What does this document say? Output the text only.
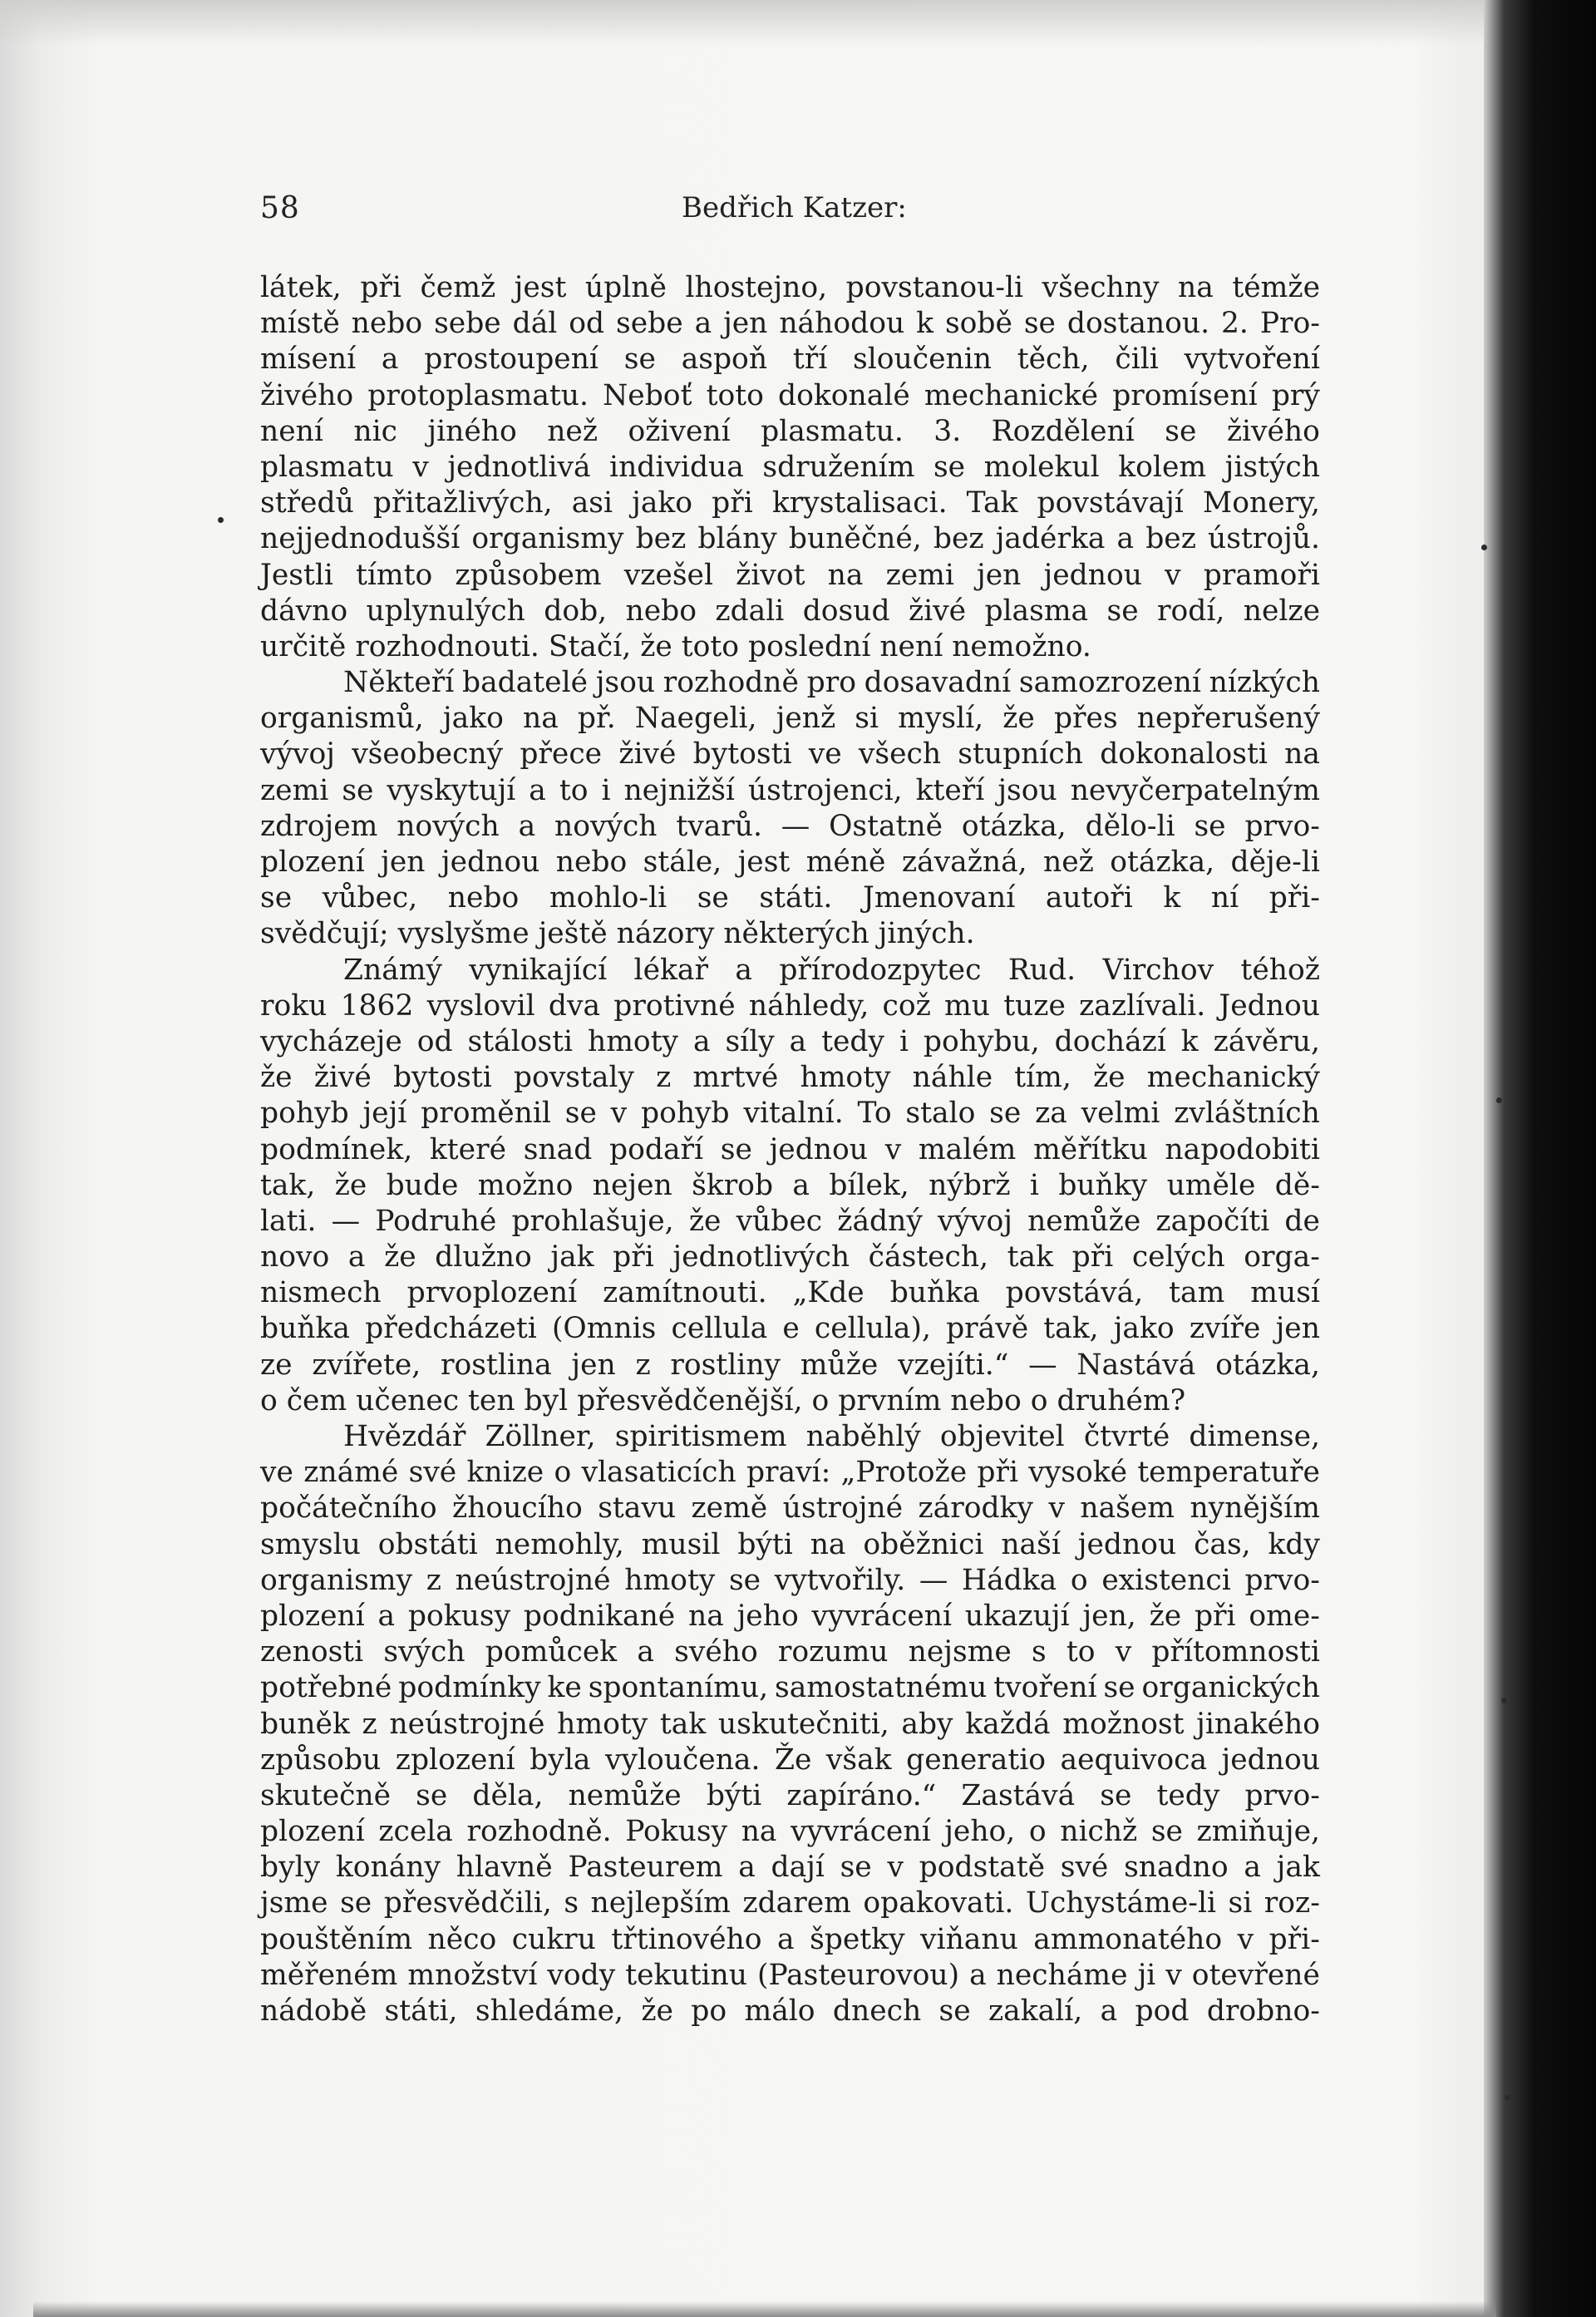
58	Bedřich Katzer:
látek, při čemž jest úplně lhostejno, povstanou-li všechny na témže
místě nebo sebe dál od sebe a jen náhodou k sobě se dostanou. 2. Pro-
mísení a prostoupení se aspoň tří sloučenin těch, čili vytvoření
živého protoplasmatu. Neboť toto dokonalé mechanické promísení prý
není nic jiného než oživení plasmatu. 3. Rozdělení se živého
plasmatu v jednotlivá individua sdružením se molekul kolem jistých
středů přitažlivých, asi jako při krystalisaci. Tak povstávají Monery,
nejjednodušší organismy bez blány buněčné, bez jadérka a bez ústrojů.
Jestli tímto způsobem vzešel život na zemi jen jednou v pramoři
dávno uplynulých dob, nebo zdali dosud živé plasma se rodí, nelze
určitě rozhodnouti. Stačí, že toto poslední není nemožno.
Někteří badatelé jsou rozhodně pro dosavadní samozrození nízkých
organismů, jako na př. Naegeli, jenž si myslí, že přes nepřerušený
vývoj všeobecný přece živé bytosti ve všech stupních dokonalosti na
zemi se vyskytují a to i nejnižší ústrojenci, kteří jsou nevyčerpatelným
zdrojem nových a nových tvarů. — Ostatně otázka, dělo-li se prvo-
plození jen jednou nebo stále, jest méně závažná, než otázka, děje-li
se vůbec, nebo mohlo-li se státi. Jmenovaní autoři k ní při-
svědčují; vyslyšme ještě názory některých jiných.
Známý vynikající lékař a přírodozpytec Rud. Virchov téhož
roku 1862 vyslovil dva protivné náhledy, což mu tuze zazlívali. Jednou
vycházeje od stálosti hmoty a síly a tedy i pohybu, dochází k závěru,
že živé bytosti povstaly z mrtvé hmoty náhle tím, že mechanický
pohyb její proměnil se v pohyb vitalní. To stalo se za velmi zvláštních
podmínek, které snad podaří se jednou v malém měřítku napodobiti
tak, že bude možno nejen škrob a bílek, nýbrž i buňky uměle dě-
lati. — Podruhé prohlašuje, že vůbec žádný vývoj nemůže započíti de
novo a že dlužno jak při jednotlivých částech, tak při celých orga-
nismech prvoplození zamítnouti. „Kde buňka povstává, tam musí
buňka předcházeti (Omnis cellula e cellula), právě tak, jako zvíře jen
ze zvířete, rostlina jen z rostliny může vzejíti.“ — Nastává otázka,
o čem učenec ten byl přesvědčenější, o prvním nebo o druhém?
Hvězdář Zöllner, spiritismem naběhlý objevitel čtvrté dimense,
ve známé své knize o vlasaticích praví: „Protože při vysoké temperatuře
počátečního žhoucího stavu země ústrojné zárodky v našem nynějším
smyslu obstáti nemohly, musil býti na oběžnici naší jednou čas, kdy
organismy z neústrojné hmoty se vytvořily. — Hádka o existenci prvo-
plození a pokusy podnikané na jeho vyvrácení ukazují jen, že při ome-
zenosti svých pomůcek a svého rozumu nejsme s to v přítomnosti
potřebné podmínky ke spontanímu, samostatnému tvoření se organických
buněk z neústrojné hmoty tak uskutečniti, aby každá možnost jinakého
způsobu zplození byla vyloučena. Že však generatio aequivoca jednou
skutečně se děla, nemůže býti zapíráno.“ Zastává se tedy prvo-
plození zcela rozhodně. Pokusy na vyvrácení jeho, o nichž se zmiňuje,
byly konány hlavně Pasteurem a dají se v podstatě své snadno a jak
jsme se přesvědčili, s nejlepším zdarem opakovati. Uchystáme-li si roz-
pouštěním něco cukru třtinového a špetky viňanu ammonatého v při-
měřeném množství vody tekutinu (Pasteurovou) a necháme ji v otevřené
nádobě státi, shledáme, že po málo dnech se zakalí, a pod drobno-
